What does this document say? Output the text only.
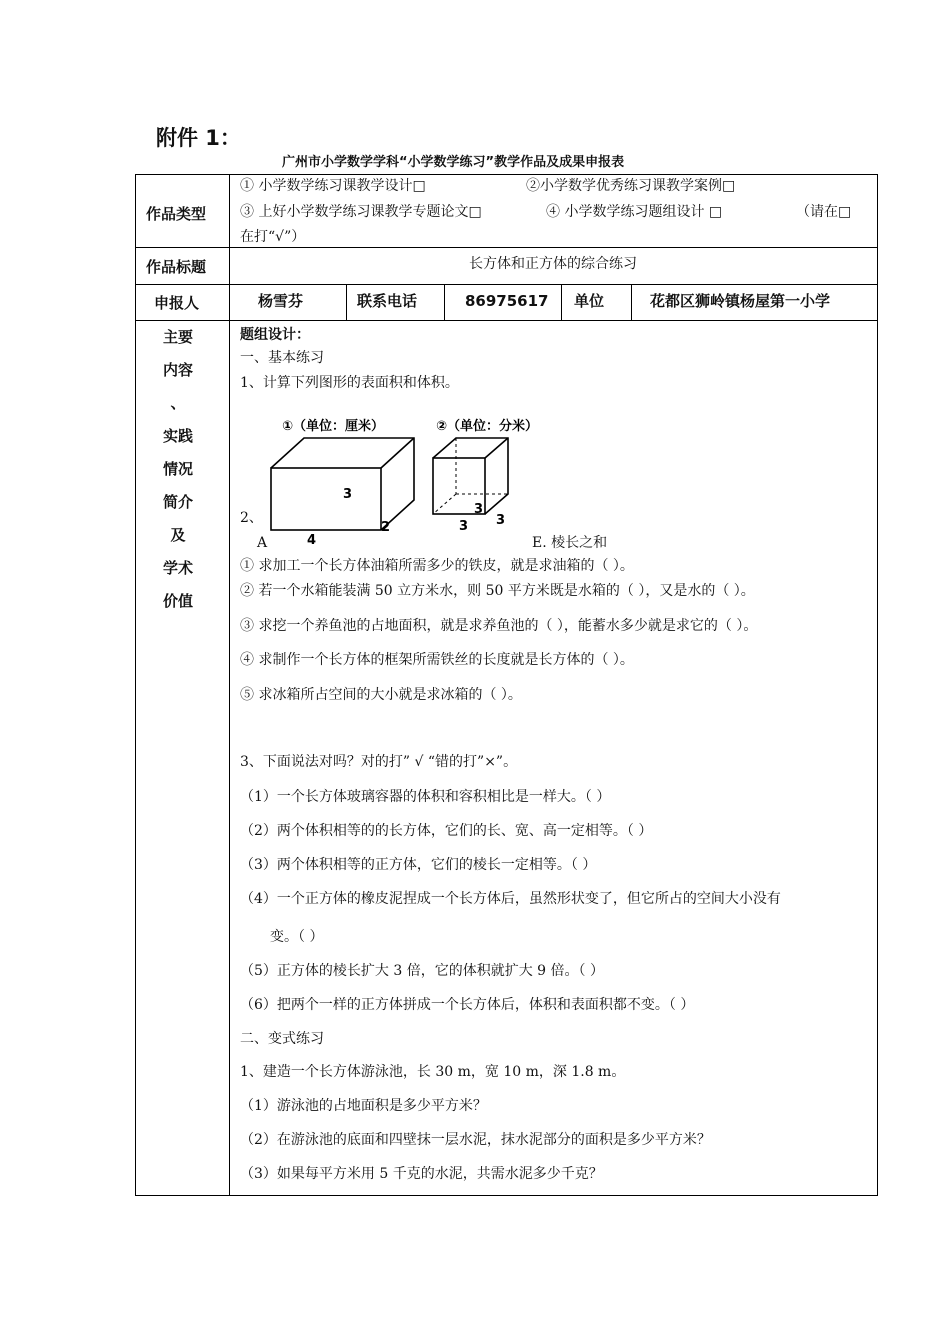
附件 1：
广州市小学数学学科“小学数学练习”教学作品及成果申报表
作品类型
① 小学数学练习课教学设计□	②小学数学优秀练习课教学案例□
③ 上好小学数学练习课教学专题论文□	④ 小学数学练习题组设计 □	（请在□
在打“√”）
作品标题	长方体和正方体的综合练习
申报人	杨雪芬	联系电话	86975617 单位	花都区狮岭镇杨屋第一小学
主要
内容
、
实践
情况
简介
及
学术
价值
题组设计：
一、基本练习
1、计算下列图形的表面积和体积。
①（单位：厘米）
3
2
4
②（单位：分米）
3
3
3
2、
A	E. 棱长之和
① 求加工一个长方体油箱所需多少的铁皮，就是求油箱的（ ）。
② 若一个水箱能装满 50 立方米水，则 50 平方米既是水箱的（ ），又是水的（ ）。
③ 求挖一个养鱼池的占地面积，就是求养鱼池的（ ），能蓄水多少就是求它的（ ）。
④ 求制作一个长方体的框架所需铁丝的长度就是长方体的（ ）。
⑤ 求冰箱所占空间的大小就是求冰箱的（ ）。
3、下面说法对吗？对的打” √ “错的打”×”。
（1）一个长方体玻璃容器的体积和容积相比是一样大。（ ）
（2）两个体积相等的的长方体，它们的长、宽、高一定相等。（ ）
（3）两个体积相等的正方体，它们的棱长一定相等。（ ）
（4）一个正方体的橡皮泥捏成一个长方体后，虽然形状变了，但它所占的空间大小没有
变。（ ）
（5）正方体的棱长扩大 3 倍，它的体积就扩大 9 倍。（ ）
（6）把两个一样的正方体拼成一个长方体后，体积和表面积都不变。（ ）
二、变式练习
1、建造一个长方体游泳池，长 30 m，宽 10 m，深 1.8 m。
（1）游泳池的占地面积是多少平方米？
（2）在游泳池的底面和四壁抹一层水泥，抹水泥部分的面积是多少平方米？
（3）如果每平方米用 5 千克的水泥，共需水泥多少千克？
